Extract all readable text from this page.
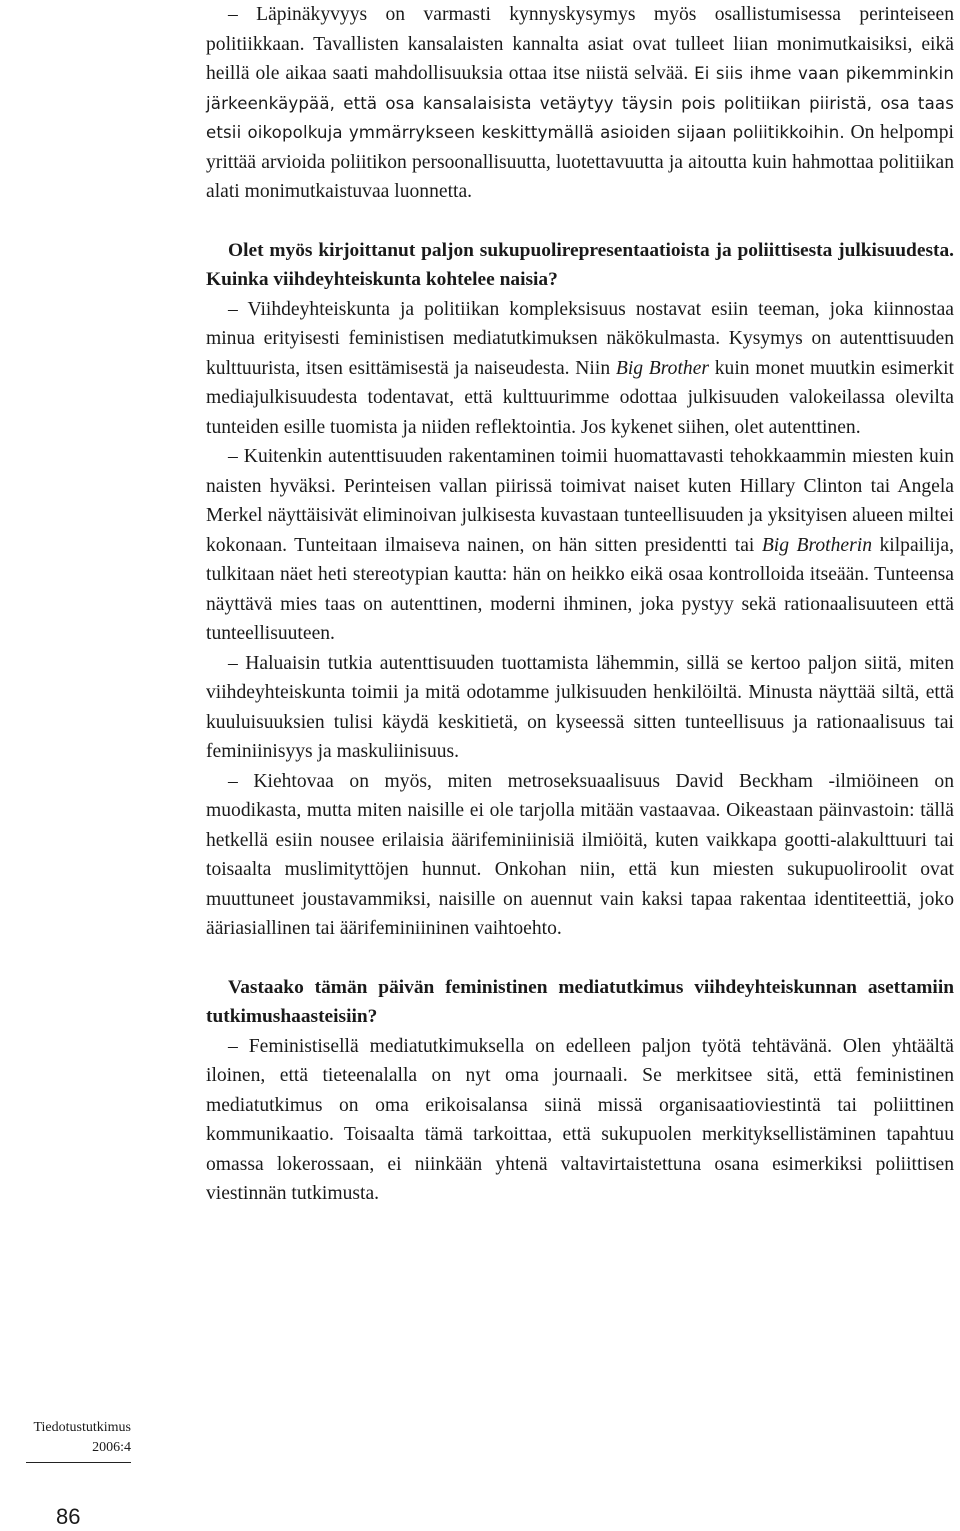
– Läpinäkyvyys on varmasti kynnyskysymys myös osallistumisessa perinteiseen politiikkaan. Tavallisten kansalaisten kannalta asiat ovat tulleet liian monimutkaisiksi, eikä heillä ole aikaa saati mahdollisuuksia ottaa itse niistä selvää. Ei siis ihme vaan pikemminkin järkeenkäypää, että osa kansalaisista vetäytyy täysin pois politiikan piiristä, osa taas etsii oikopolkuja ymmärrykseen keskittymällä asioiden sijaan poliitikkoihin. On helpompi yrittää arvioida poliitikon persoonallisuutta, luotettavuutta ja aitoutta kuin hahmottaa politiikan alati monimutkaistuvaa luonnetta.

Olet myös kirjoittanut paljon sukupuolirepresentaatioista ja poliittisesta julkisuudesta. Kuinka viihdeyhteiskunta kohtelee naisia?

– Viihdeyhteiskunta ja politiikan kompleksisuus nostavat esiin teeman, joka kiinnostaa minua erityisesti feministisen mediatutkimuksen näkökulmasta. Kysymys on autenttisuuden kulttuurista, itsen esittämisestä ja naiseudesta. Niin Big Brother kuin monet muutkin esimerkit mediajulkisuudesta todentavat, että kulttuurimme odottaa julkisuuden valokeilassa olevilta tunteiden esille tuomista ja niiden reflektointia. Jos kykenet siihen, olet autenttinen.

– Kuitenkin autenttisuuden rakentaminen toimii huomattavasti tehokkaammin miesten kuin naisten hyväksi. Perinteisen vallan piirissä toimivat naiset kuten Hillary Clinton tai Angela Merkel näyttäisivät eliminoivan julkisesta kuvastaan tunteellisuuden ja yksityisen alueen miltei kokonaan. Tunteitaan ilmaiseva nainen, on hän sitten presidentti tai Big Brotherin kilpailija, tulkitaan näet heti stereotypian kautta: hän on heikko eikä osaa kontrolloida itseään. Tunteensa näyttävä mies taas on autenttinen, moderni ihminen, joka pystyy sekä rationaalisuuteen että tunteellisuuteen.

– Haluaisin tutkia autenttisuuden tuottamista lähemmin, sillä se kertoo paljon siitä, miten viihdeyhteiskunta toimii ja mitä odotamme julkisuuden henkilöiltä. Minusta näyttää siltä, että kuuluisuuksien tulisi käydä keskitietä, on kyseessä sitten tunteellisuus ja rationaalisuus tai feminiinisyys ja maskuliinisuus.

– Kiehtovaa on myös, miten metroseksuaalisuus David Beckham -ilmiöineen on muodikasta, mutta miten naisille ei ole tarjolla mitään vastaavaa. Oikeastaan päinvastoin: tällä hetkellä esiin nousee erilaisia äärifeminiinisiä ilmiöitä, kuten vaikkapa gootti-alakulttuuri tai toisaalta muslimityttöjen hunnut. Onkohan niin, että kun miesten sukupuoliroolit ovat muuttuneet joustavammiksi, naisille on auennut vain kaksi tapaa rakentaa identiteettiä, joko ääriasiallinen tai äärifeminiininen vaihtoehto.

Vastaako tämän päivän feministinen mediatutkimus viihdeyhteiskunnan asettamiin tutkimushaasteisiin?

– Feministisellä mediatutkimuksella on edelleen paljon työtä tehtävänä. Olen yhtäältä iloinen, että tieteenalalla on nyt oma journaali. Se merkitsee sitä, että feministinen mediatutkimus on oma erikoisalansa siinä missä organisaatioviestintä tai poliittinen kommunikaatio. Toisaalta tämä tarkoittaa, että sukupuolen merkityksellistäminen tapahtuu omassa lokerossaan, ei niinkään yhtenä valtavirtaistettuna osana esimerkiksi poliittisen viestinnän tutkimusta.

Tiedotustutkimus
2006:4
86
